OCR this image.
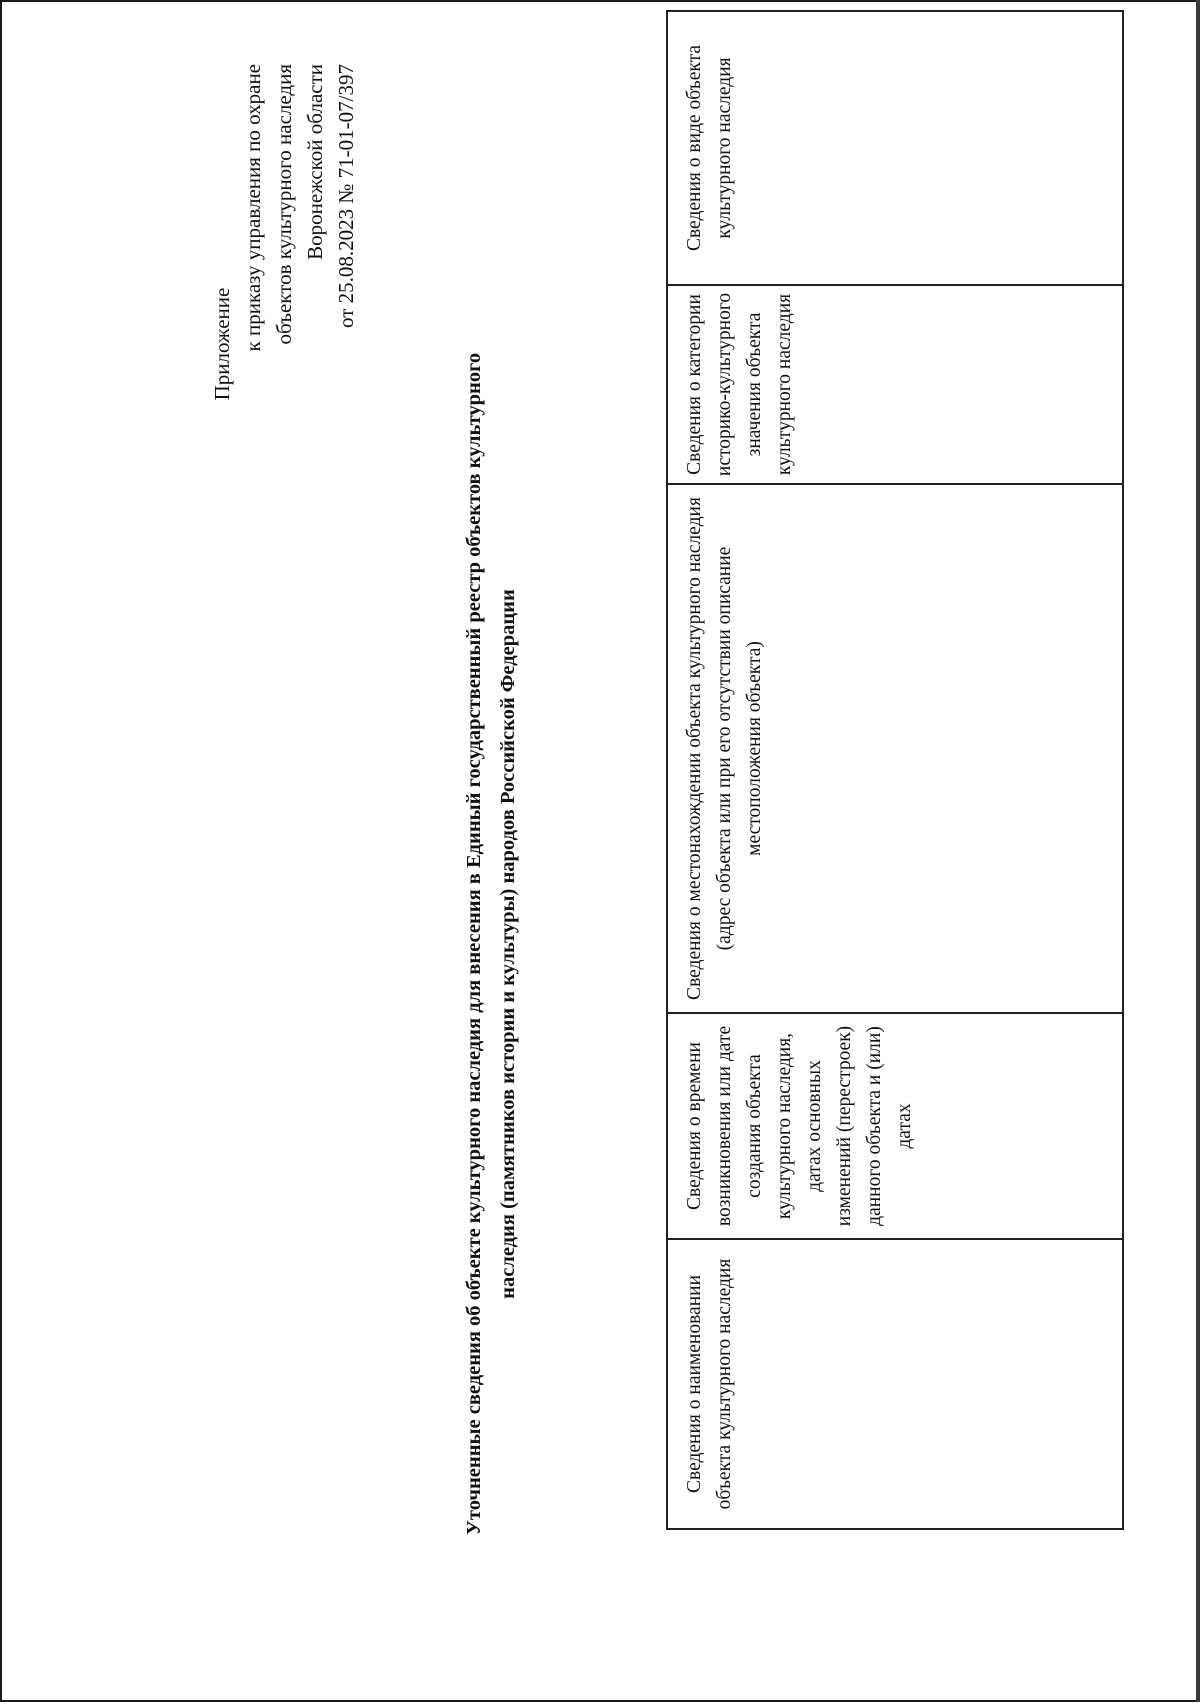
Приложение к приказу управления по охране объектов культурного наследия Воронежской области от 25.08.2023 № 71-01-07/397
Уточненные сведения об объекте культурного наследия для внесения в Единый государственный реестр объектов культурного наследия (памятников истории и культуры) народов Российской Федерации
Сведения о наименовании объекта культурного наследия	Сведения о времени возникновения или дате создания объекта культурного наследия, датах основных изменений (перестроек) данного объекта и (или) датах	Сведения о местонахождении объекта культурного наследия (адрес объекта или при его отсутствии описание местоположения объекта)	Сведения о категории историко-культурного значения объекта культурного наследия	Сведения о виде объекта культурного наследия
